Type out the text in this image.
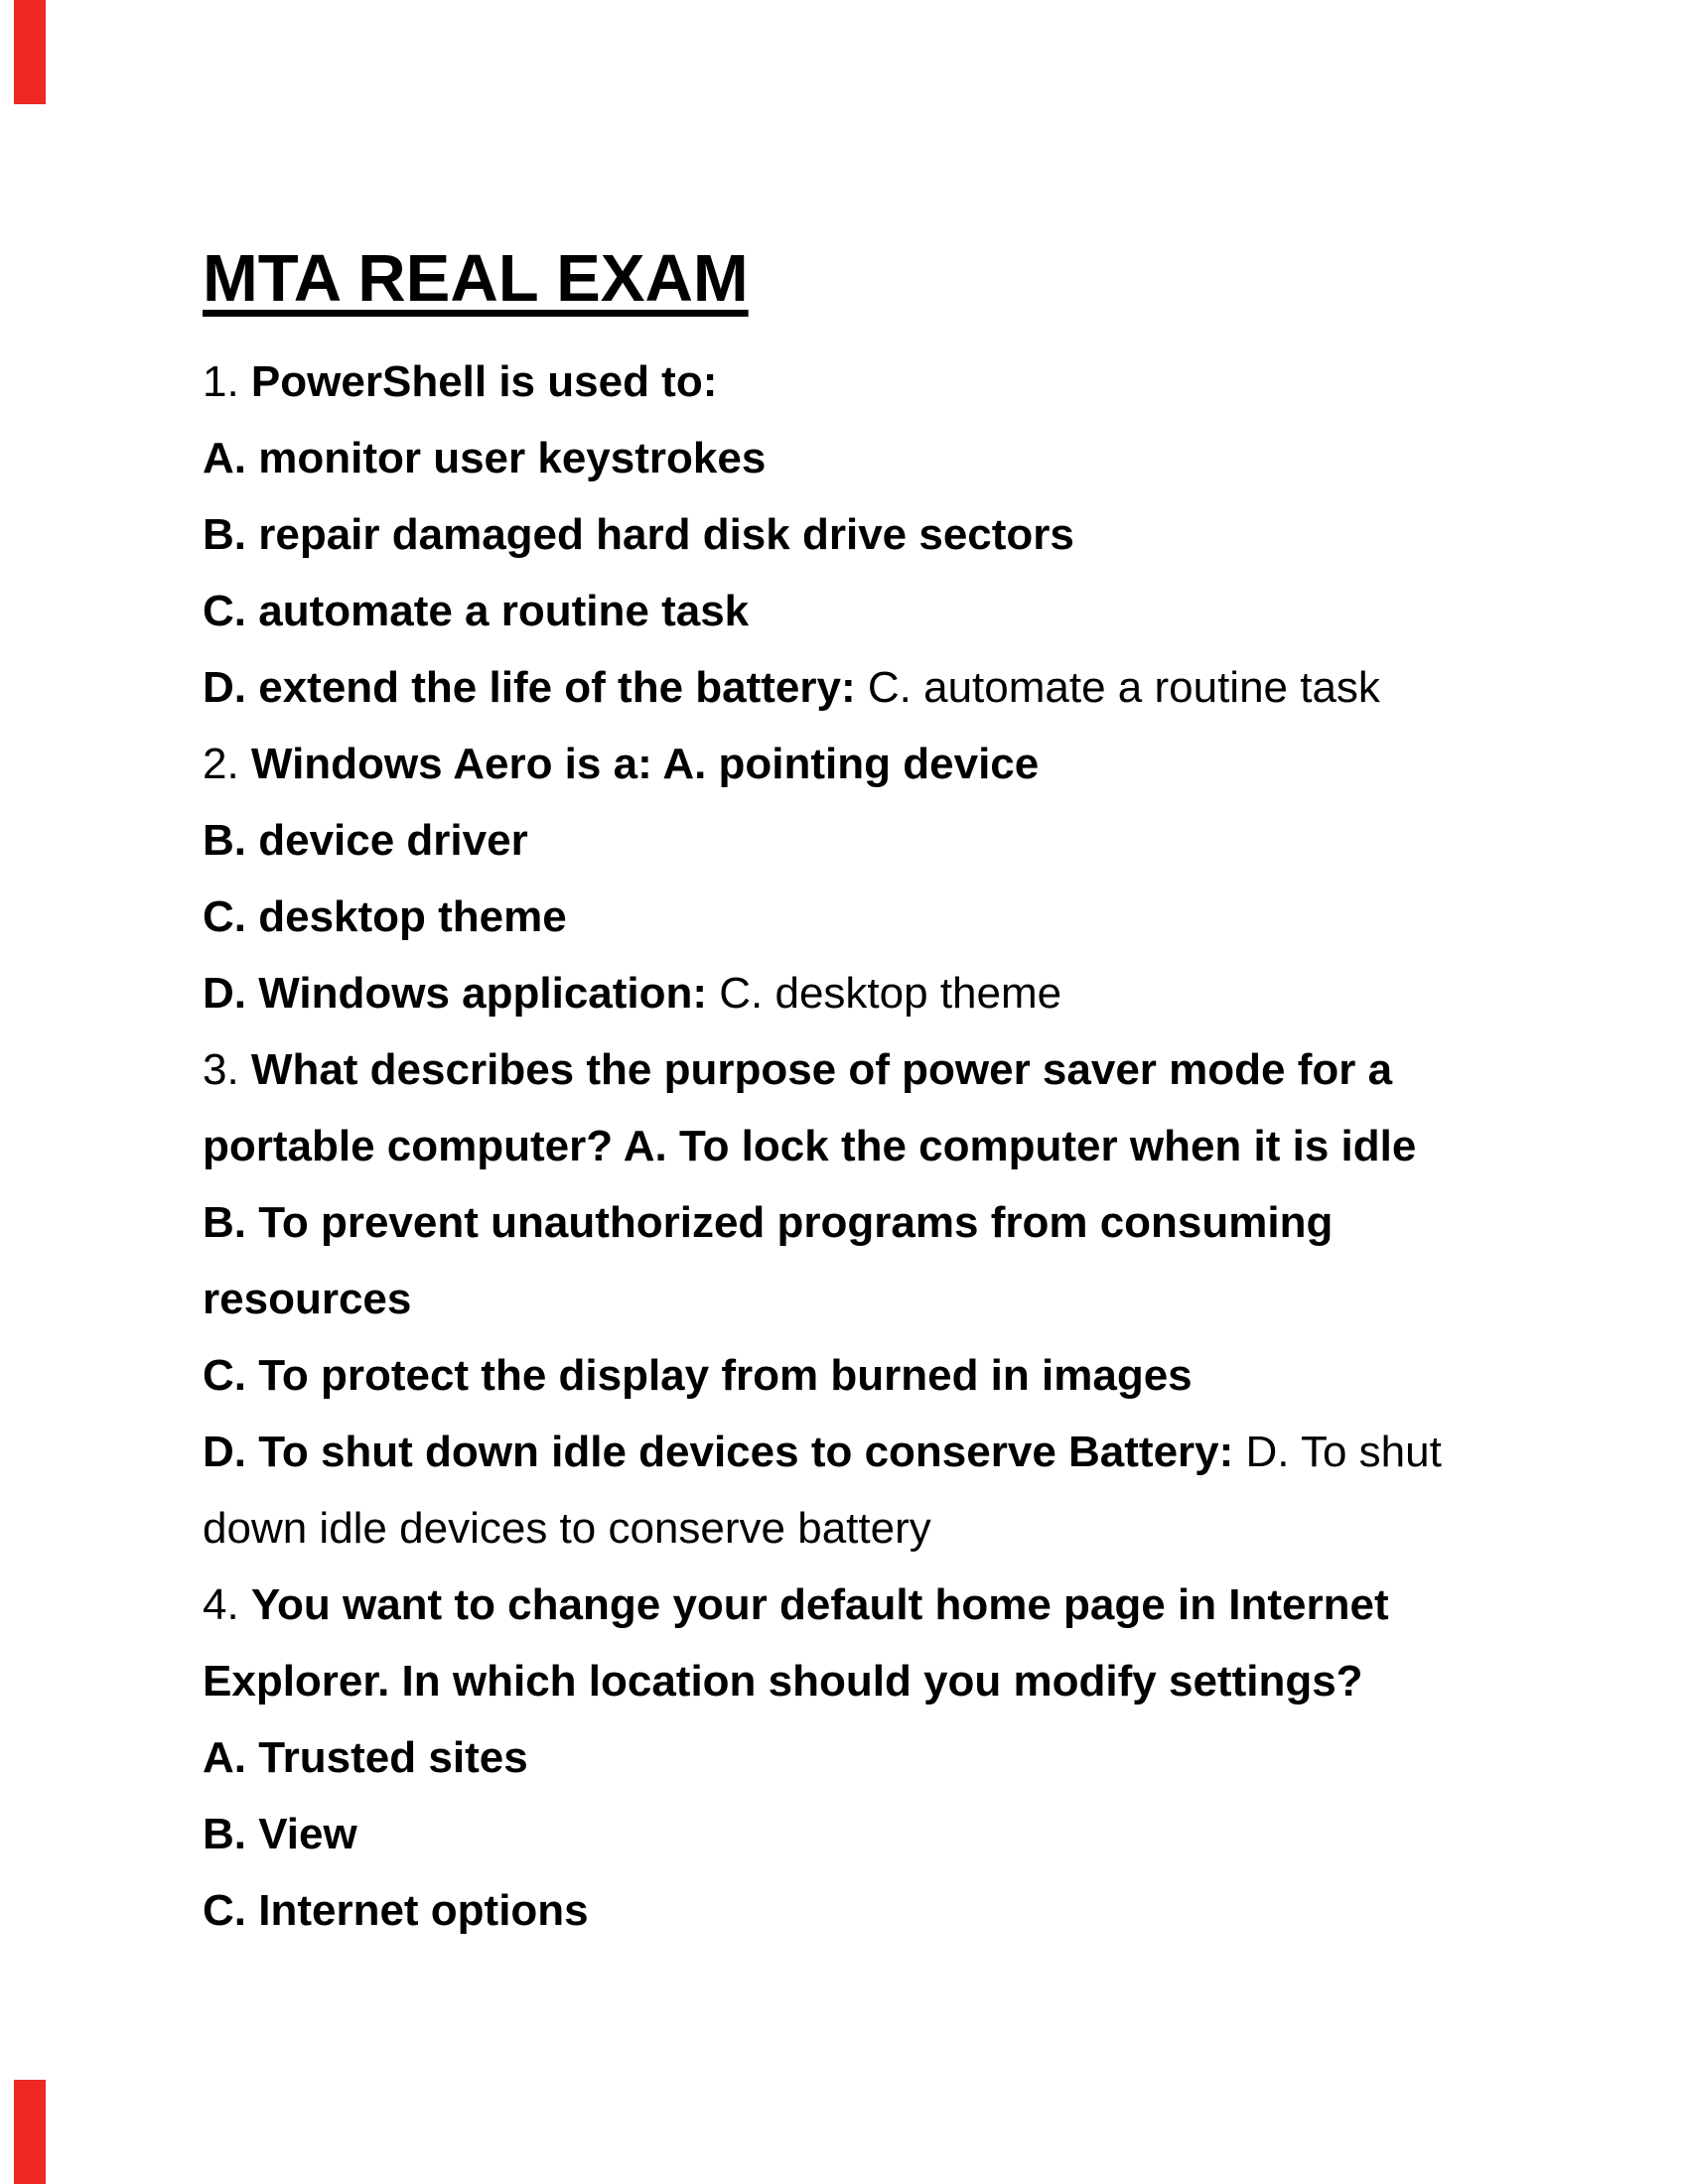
MTA REAL EXAM
1. PowerShell is used to:
A. monitor user keystrokes
B. repair damaged hard disk drive sectors
C. automate a routine task
D. extend the life of the battery: C. automate a routine task
2. Windows Aero is a: A. pointing device
B. device driver
C. desktop theme
D. Windows application: C. desktop theme
3. What describes the purpose of power saver mode for a
portable computer? A. To lock the computer when it is idle
B. To prevent unauthorized programs from consuming
resources
C. To protect the display from burned in images
D. To shut down idle devices to conserve Battery: D. To shut
down idle devices to conserve battery
4. You want to change your default home page in Internet
Explorer. In which location should you modify settings?
A. Trusted sites
B. View
C. Internet options
